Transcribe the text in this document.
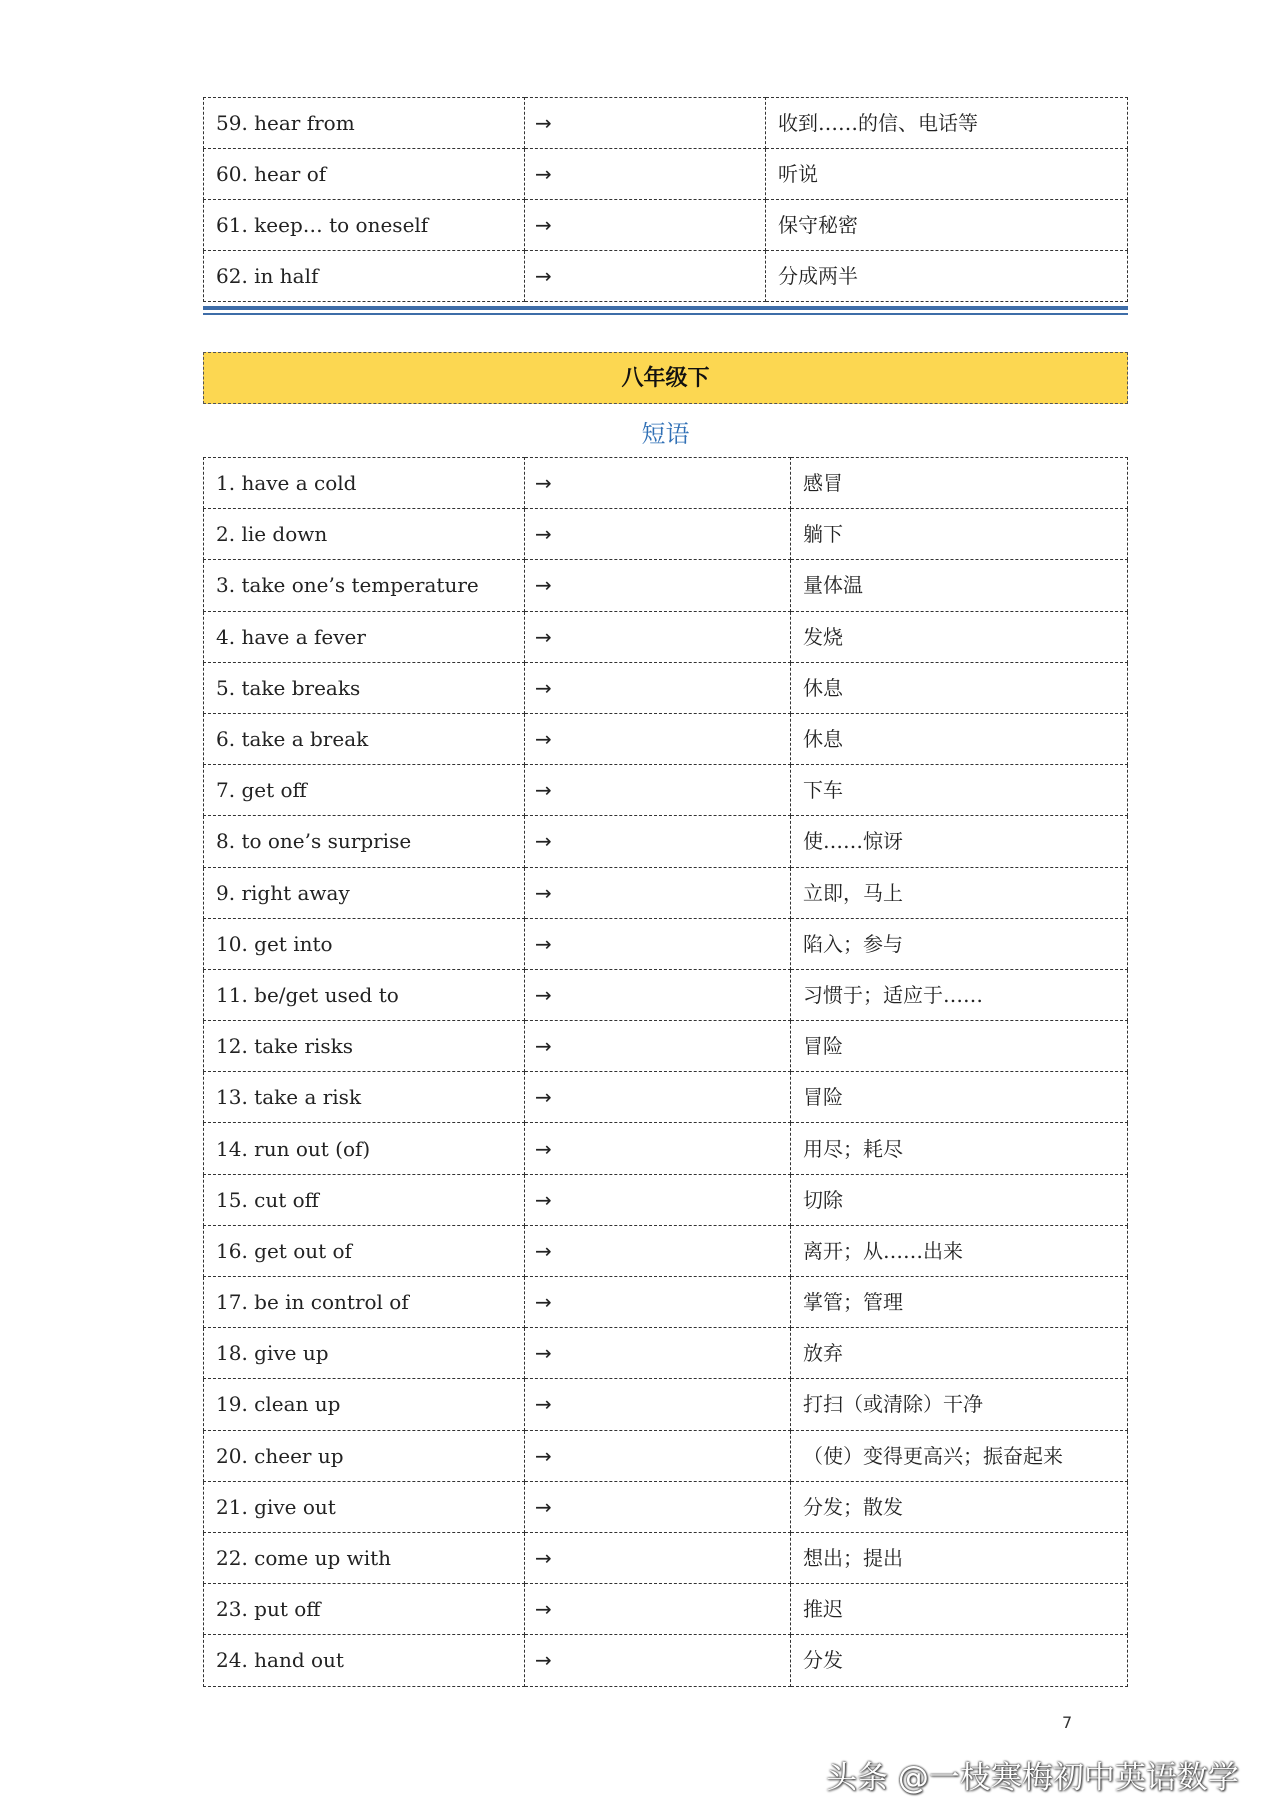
59. hear from	→	收到……的信、电话等
60. hear of	→	听说
61. keep… to oneself	→	保守秘密
62. in half	→	分成两半
八年级下
短语
1. have a cold	→	感冒
2. lie down	→	躺下
3. take one’s temperature	→	量体温
4. have a fever	→	发烧
5. take breaks	→	休息
6. take a break	→	休息
7. get off	→	下车
8. to one’s surprise	→	使……惊讶
9. right away	→	立即，马上
10. get into	→	陷入；参与
11. be/get used to	→	习惯于；适应于……
12. take risks	→	冒险
13. take a risk	→	冒险
14. run out (of)	→	用尽；耗尽
15. cut off	→	切除
16. get out of	→	离开；从……出来
17. be in control of	→	掌管；管理
18. give up	→	放弃
19. clean up	→	打扫（或清除）干净
20. cheer up	→	（使）变得更高兴；振奋起来
21. give out	→	分发；散发
22. come up with	→	想出；提出
23. put off	→	推迟
24. hand out	→	分发
7
头条 @一枝寒梅初中英语数学
